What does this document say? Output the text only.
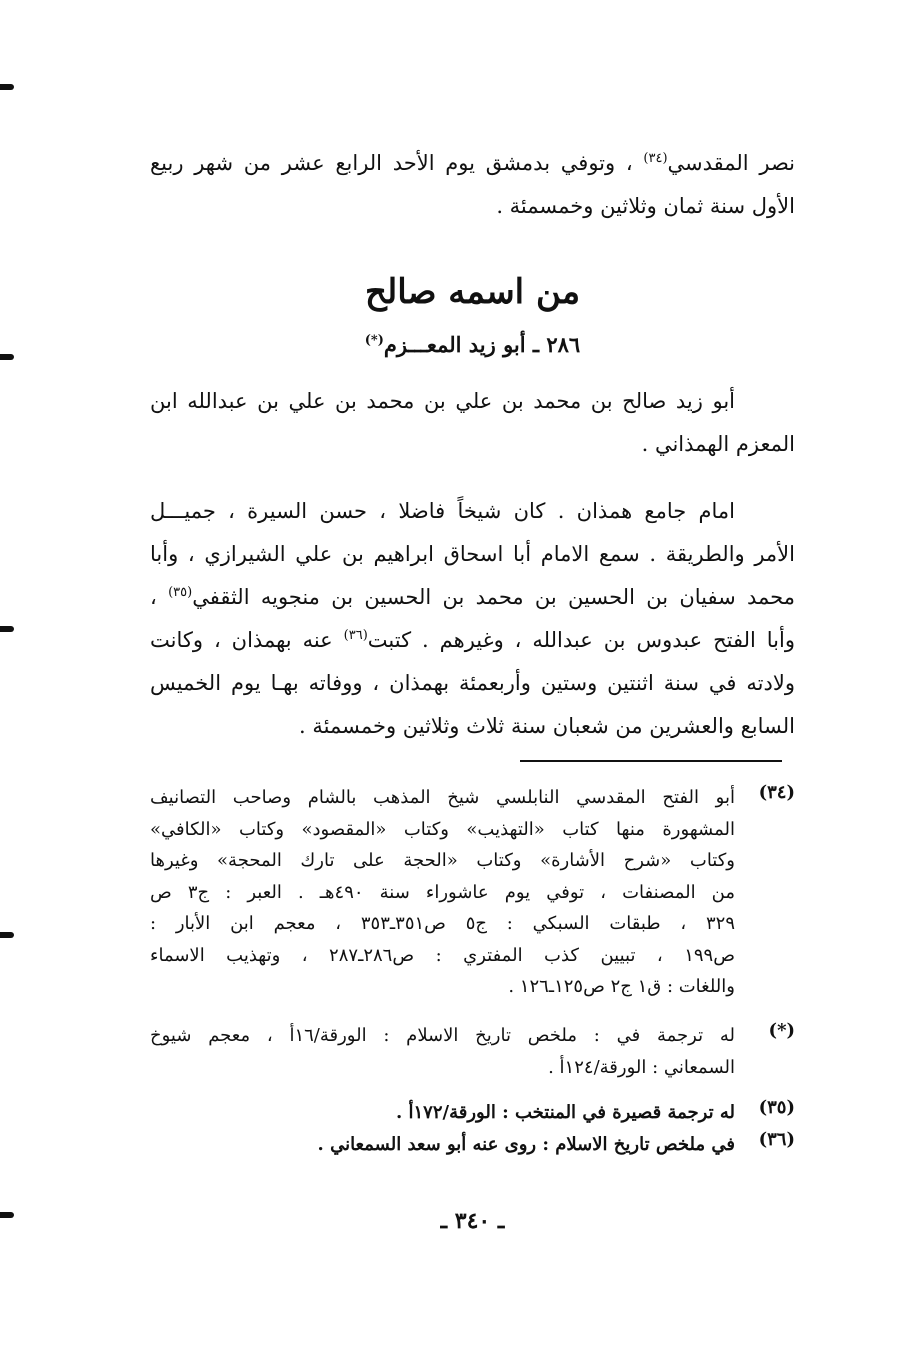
نصر المقدسي$^{(٣٤)}$ ، وتوفي بدمشق يوم الأحد الرابع عشر من شهر ربيع
الأول سنة ثمان وثلاثين وخمسمئة .
من اسمه صالح
٢٨٦ ـ أبو زيد المعـــزم(*)
أبو زيد صالح بن محمد بن علي بن محمد بن علي بن عبدالله ابن
المعزم الهمذاني .
امام جامع همذان . كان شيخاً فاضلا ، حسن السيرة ، جميـــل
الأمر والطريقة . سمع الامام أبا اسحاق ابراهيم بن علي الشيرازي ، وأبا
محمد سفيان بن الحسين بن محمد بن الحسين بن منجويه الثقفي$^{(٣٥)}$ ،
وأبا الفتح عبدوس بن عبدالله ، وغيرهم . كتبت$^{(٣٦)}$ عنه بهمذان ، وكانت
ولادته في سنة اثنتين وستين وأربعمئة بهمذان ، ووفاته بهـا يوم الخميس
السابع والعشرين من شعبان سنة ثلاث وثلاثين وخمسمئة .
(٣٤)
أبو الفتح المقدسي النابلسي شيخ المذهب بالشام وصاحب التصانيف
المشهورة منها كتاب «التهذيب» وكتاب «المقصود» وكتاب «الكافي»
وكتاب «شرح الأشارة» وكتاب «الحجة على تارك المحجة» وغيرها
من المصنفات ، توفي يوم عاشوراء سنة ٤٩٠هـ . العبر : ج٣ ص
٣٢٩ ، طبقات السبكي : ج٥ ص٣٥١ـ٣٥٣ ، معجم ابن الأبار :
ص١٩٩ ، تبيين كذب المفتري : ص٢٨٦ـ٢٨٧ ، وتهذيب الاسماء
واللغات : ق١ ج٢ ص١٢٥ـ١٢٦ .
(*)
له ترجمة في : ملخص تاريخ الاسلام : الورقة/١٦أ ، معجم شيوخ
السمعاني : الورقة/١٢٤أ .
(٣٥)
له ترجمة قصيرة في المنتخب : الورقة/١٧٢أ .
(٣٦)
في ملخص تاريخ الاسلام : روى عنه أبو سعد السمعاني .
ـ ٣٤٠ ـ
